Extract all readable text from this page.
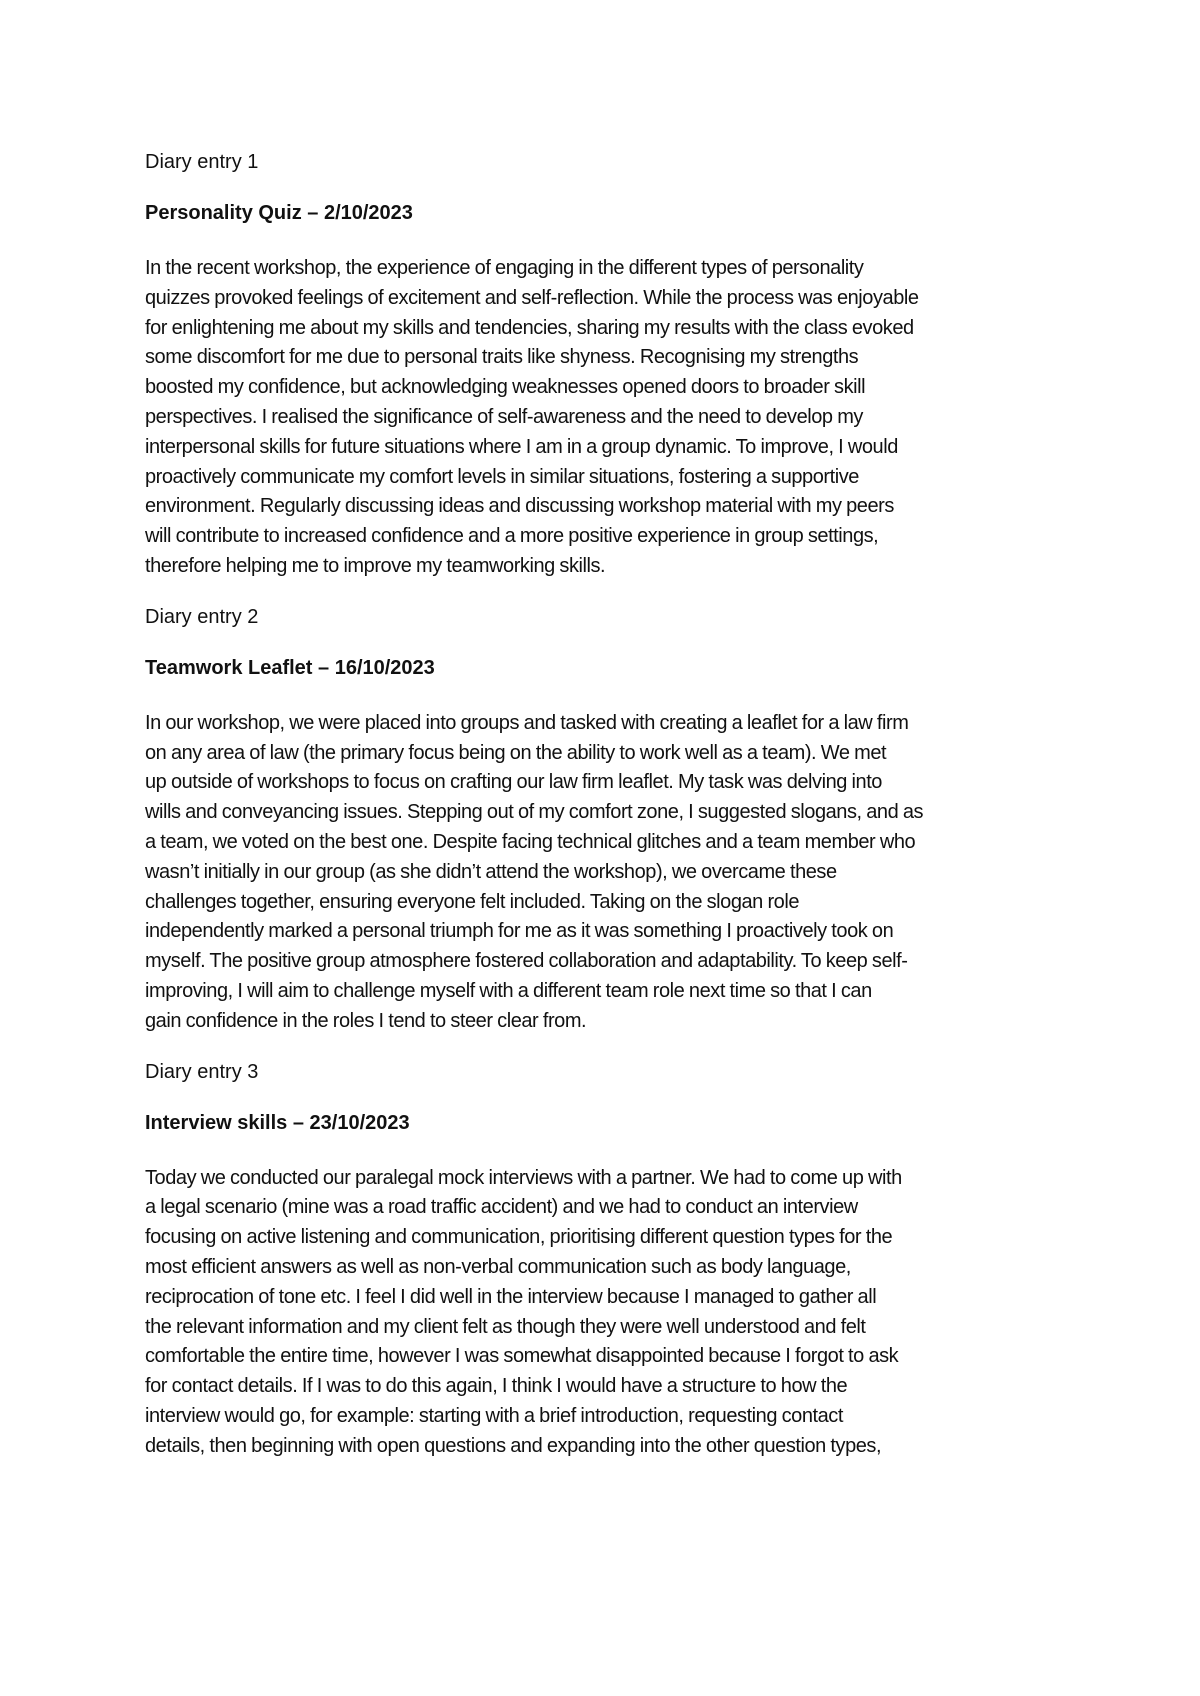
Diary entry 1

Personality Quiz – 2/10/2023

In the recent workshop, the experience of engaging in the different types of personality
quizzes provoked feelings of excitement and self-reflection. While the process was enjoyable
for enlightening me about my skills and tendencies, sharing my results with the class evoked
some discomfort for me due to personal traits like shyness. Recognising my strengths
boosted my confidence, but acknowledging weaknesses opened doors to broader skill
perspectives. I realised the significance of self-awareness and the need to develop my
interpersonal skills for future situations where I am in a group dynamic. To improve, I would
proactively communicate my comfort levels in similar situations, fostering a supportive
environment. Regularly discussing ideas and discussing workshop material with my peers
will contribute to increased confidence and a more positive experience in group settings,
therefore helping me to improve my teamworking skills.

Diary entry 2

Teamwork Leaflet – 16/10/2023

In our workshop, we were placed into groups and tasked with creating a leaflet for a law firm
on any area of law (the primary focus being on the ability to work well as a team). We met
up outside of workshops to focus on crafting our law firm leaflet. My task was delving into
wills and conveyancing issues. Stepping out of my comfort zone, I suggested slogans, and as
a team, we voted on the best one. Despite facing technical glitches and a team member who
wasn’t initially in our group (as she didn’t attend the workshop), we overcame these
challenges together, ensuring everyone felt included. Taking on the slogan role
independently marked a personal triumph for me as it was something I proactively took on
myself. The positive group atmosphere fostered collaboration and adaptability. To keep self-
improving, I will aim to challenge myself with a different team role next time so that I can
gain confidence in the roles I tend to steer clear from.

Diary entry 3

Interview skills – 23/10/2023

Today we conducted our paralegal mock interviews with a partner. We had to come up with
a legal scenario (mine was a road traffic accident) and we had to conduct an interview
focusing on active listening and communication, prioritising different question types for the
most efficient answers as well as non-verbal communication such as body language,
reciprocation of tone etc. I feel I did well in the interview because I managed to gather all
the relevant information and my client felt as though they were well understood and felt
comfortable the entire time, however I was somewhat disappointed because I forgot to ask
for contact details. If I was to do this again, I think I would have a structure to how the
interview would go, for example: starting with a brief introduction, requesting contact
details, then beginning with open questions and expanding into the other question types,
